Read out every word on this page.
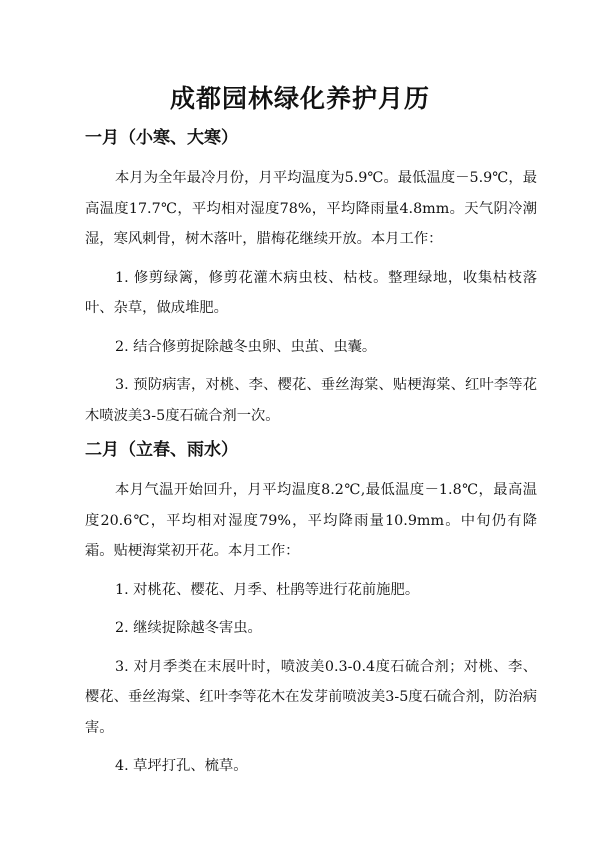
成都园林绿化养护月历
一月（小寒、大寒）

本月为全年最冷月份，月平均温度为5.9℃。最低温度－5.9℃，最高温度17.7℃，平均相对湿度78%，平均降雨量4.8mm。天气阴冷潮湿，寒风刺骨，树木落叶，腊梅花继续开放。本月工作：

1. 修剪绿篱，修剪花灌木病虫枝、枯枝。整理绿地，收集枯枝落叶、杂草，做成堆肥。

2. 结合修剪捉除越冬虫卵、虫茧、虫囊。

3. 预防病害，对桃、李、樱花、垂丝海棠、贴梗海棠、红叶李等花木喷波美3-5度石硫合剂一次。

二月（立春、雨水）

本月气温开始回升，月平均温度8.2℃,最低温度－1.8℃，最高温度20.6℃，平均相对湿度79%，平均降雨量10.9mm。中旬仍有降霜。贴梗海棠初开花。本月工作：

1. 对桃花、樱花、月季、杜鹃等进行花前施肥。

2. 继续捉除越冬害虫。

3. 对月季类在末展叶时，喷波美0.3-0.4度石硫合剂；对桃、李、樱花、垂丝海棠、红叶李等花木在发芽前喷波美3-5度石硫合剂，防治病害。

4. 草坪打孔、梳草。
